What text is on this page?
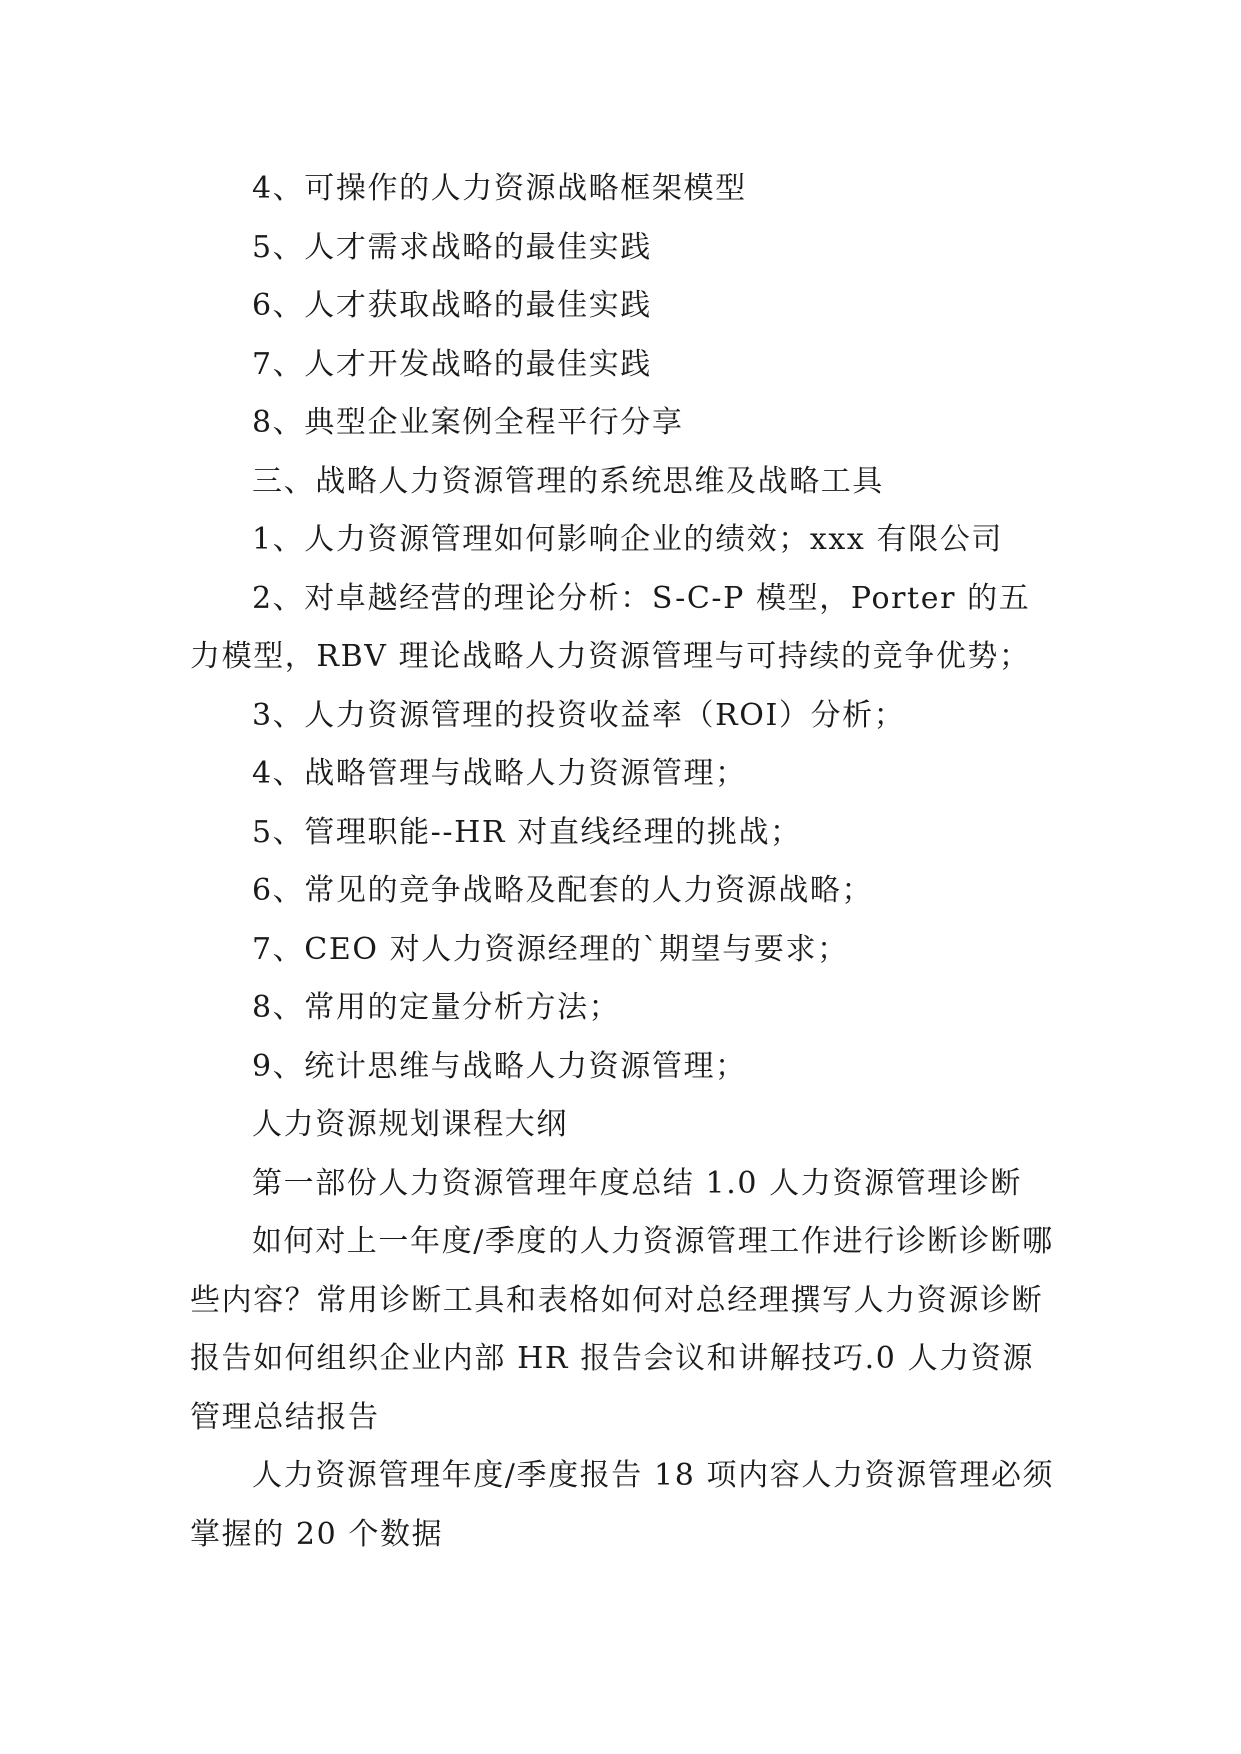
4、可操作的人力资源战略框架模型

5、人才需求战略的最佳实践

6、人才获取战略的最佳实践

7、人才开发战略的最佳实践

8、典型企业案例全程平行分享

三、战略人力资源管理的系统思维及战略工具

1、人力资源管理如何影响企业的绩效；xxx 有限公司

2、对卓越经营的理论分析：S-C-P 模型，Porter 的五力模型，RBV 理论战略人力资源管理与可持续的竞争优势；

3、人力资源管理的投资收益率（ROI）分析；

4、战略管理与战略人力资源管理；

5、管理职能--HR 对直线经理的挑战；

6、常见的竞争战略及配套的人力资源战略；

7、CEO 对人力资源经理的`期望与要求；

8、常用的定量分析方法；

9、统计思维与战略人力资源管理；

人力资源规划课程大纲

第一部份人力资源管理年度总结 1.0 人力资源管理诊断

如何对上一年度/季度的人力资源管理工作进行诊断诊断哪些内容？常用诊断工具和表格如何对总经理撰写人力资源诊断报告如何组织企业内部 HR 报告会议和讲解技巧.0 人力资源管理总结报告

人力资源管理年度/季度报告 18 项内容人力资源管理必须掌握的 20 个数据
